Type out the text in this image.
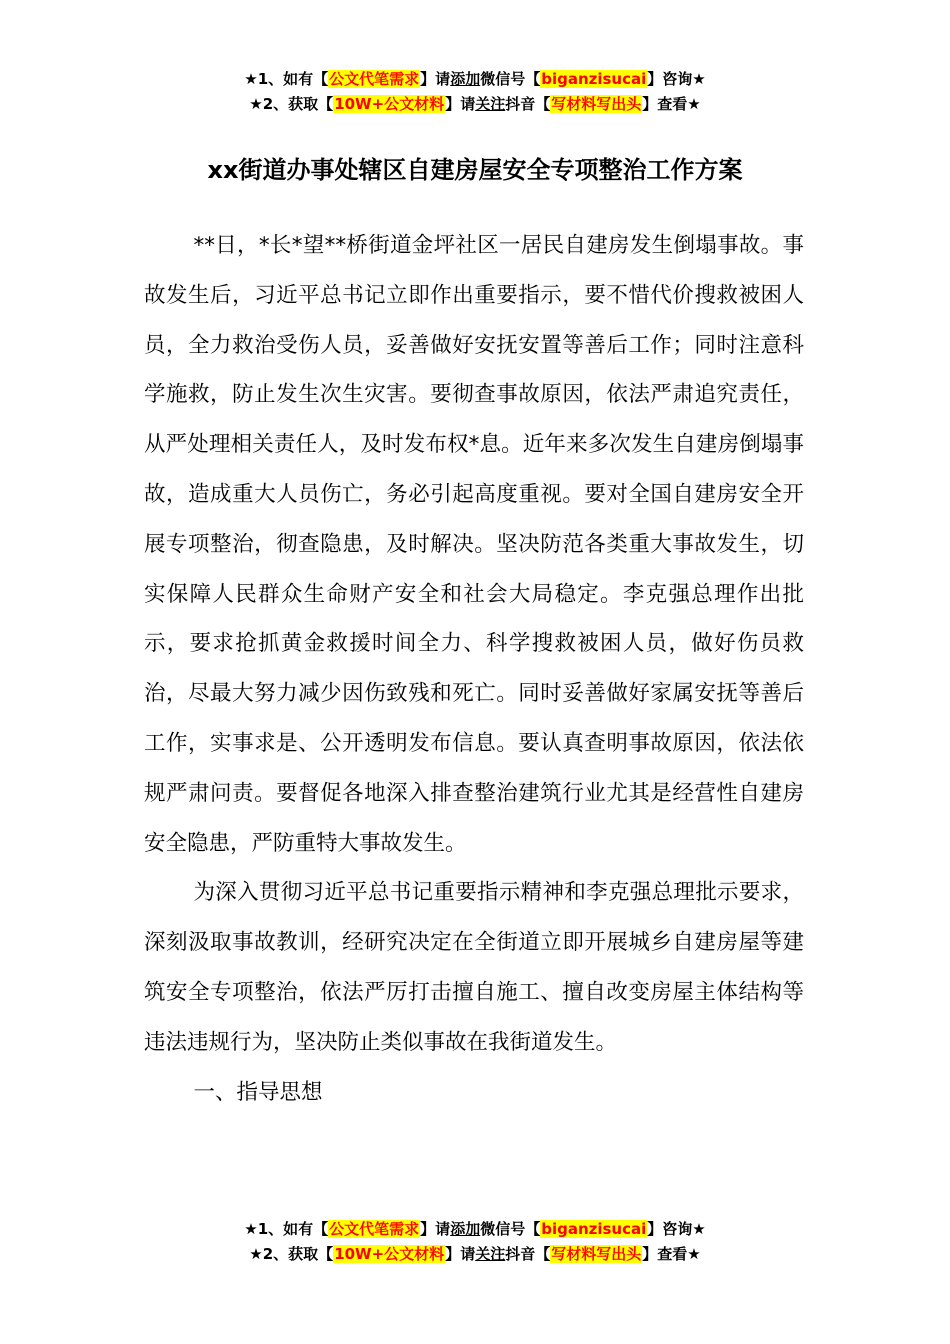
★1、如有【公文代笔需求】请添加微信号【biganzisucai】咨询★
★2、获取【10W+公文材料】请关注抖音【写材料写出头】查看★
xx街道办事处辖区自建房屋安全专项整治工作方案

**日，*长*望**桥街道金坪社区一居民自建房发生倒塌事故。事故发生后，习近平总书记立即作出重要指示，要不惜代价搜救被困人员，全力救治受伤人员，妥善做好安抚安置等善后工作；同时注意科学施救，防止发生次生灾害。要彻查事故原因，依法严肃追究责任，从严处理相关责任人，及时发布权*息。近年来多次发生自建房倒塌事故，造成重大人员伤亡，务必引起高度重视。要对全国自建房安全开展专项整治，彻查隐患，及时解决。坚决防范各类重大事故发生，切实保障人民群众生命财产安全和社会大局稳定。李克强总理作出批示，要求抢抓黄金救援时间全力、科学搜救被困人员，做好伤员救治，尽最大努力减少因伤致残和死亡。同时妥善做好家属安抚等善后工作，实事求是、公开透明发布信息。要认真查明事故原因，依法依规严肃问责。要督促各地深入排查整治建筑行业尤其是经营性自建房安全隐患，严防重特大事故发生。

为深入贯彻习近平总书记重要指示精神和李克强总理批示要求，深刻汲取事故教训，经研究决定在全街道立即开展城乡自建房屋等建筑安全专项整治，依法严厉打击擅自施工、擅自改变房屋主体结构等违法违规行为，坚决防止类似事故在我街道发生。

一、指导思想

★1、如有【公文代笔需求】请添加微信号【biganzisucai】咨询★
★2、获取【10W+公文材料】请关注抖音【写材料写出头】查看★
